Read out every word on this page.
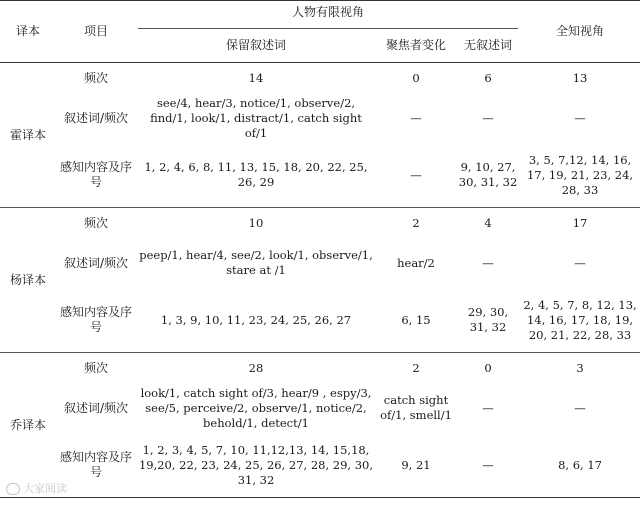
译本	项目	人物有限视角			全知视角
		保留叙述词	聚焦者变化	无叙述词	
霍译本	频次	14	0	6	13
	叙述词/频次	see/4, hear/3, notice/1, observe/2, find/1, look/1, distract/1, catch sight of/1	—	—	—
	感知内容及序号	1, 2, 4, 6, 8, 11, 13, 15, 18, 20, 22, 25, 26, 29	—	9, 10, 27, 30, 31, 32	3, 5, 7,12, 14, 16, 17, 19, 21, 23, 24, 28, 33
杨译本	频次	10	2	4	17
	叙述词/频次	peep/1, hear/4, see/2, look/1, observe/1, stare at /1	hear/2	—	—
	感知内容及序号	1, 3, 9, 10, 11, 23, 24, 25, 26, 27	6, 15	29, 30, 31, 32	2, 4, 5, 7, 8, 12, 13, 14, 16, 17, 18, 19, 20, 21, 22, 28, 33
乔译本	频次	28	2	0	3
	叙述词/频次	look/1, catch sight of/3, hear/9 , espy/3, see/5, perceive/2, observe/1, notice/2, behold/1, detect/1	catch sight of/1, smell/1	—	—
	感知内容及序号	1, 2, 3, 4, 5, 7, 10, 11,12,13, 14, 15,18, 19,20, 22, 23, 24, 25, 26, 27, 28, 29, 30, 31, 32	9, 21	—	8, 6, 17
大家阅读
